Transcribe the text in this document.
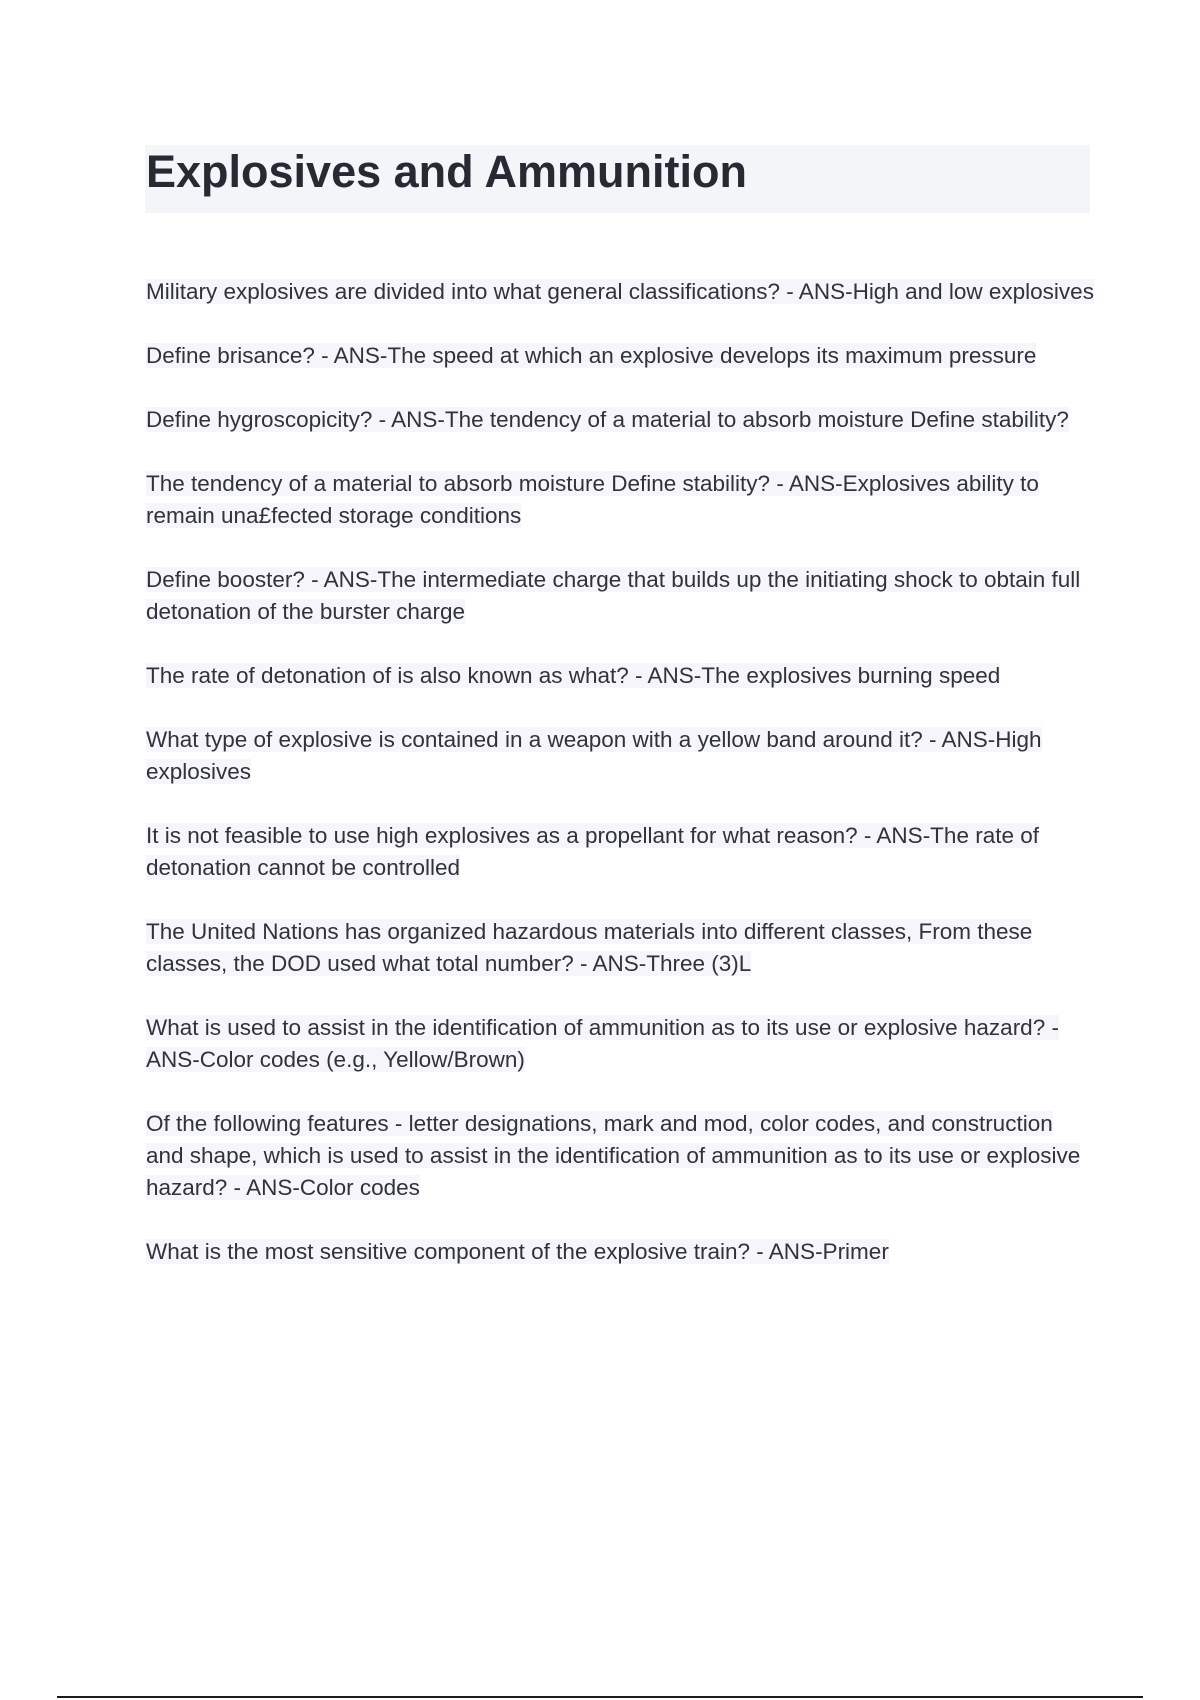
Explosives and Ammunition

Military explosives are divided into what general classifications? - ANS-High and low explosives

Define brisance? - ANS-The speed at which an explosive develops its maximum pressure

Define hygroscopicity? - ANS-The tendency of a material to absorb moisture Define stability?

The tendency of a material to absorb moisture Define stability? - ANS-Explosives ability to remain una£fected storage conditions

Define booster? - ANS-The intermediate charge that builds up the initiating shock to obtain full detonation of the burster charge

The rate of detonation of is also known as what? - ANS-The explosives burning speed

What type of explosive is contained in a weapon with a yellow band around it? - ANS-High explosives

It is not feasible to use high explosives as a propellant for what reason? - ANS-The rate of detonation cannot be controlled

The United Nations has organized hazardous materials into different classes, From these classes, the DOD used what total number? - ANS-Three (3)L

What is used to assist in the identification of ammunition as to its use or explosive hazard? - ANS-Color codes (e.g., Yellow/Brown)

Of the following features - letter designations, mark and mod, color codes, and construction and shape, which is used to assist in the identification of ammunition as to its use or explosive hazard? - ANS-Color codes

What is the most sensitive component of the explosive train? - ANS-Primer
